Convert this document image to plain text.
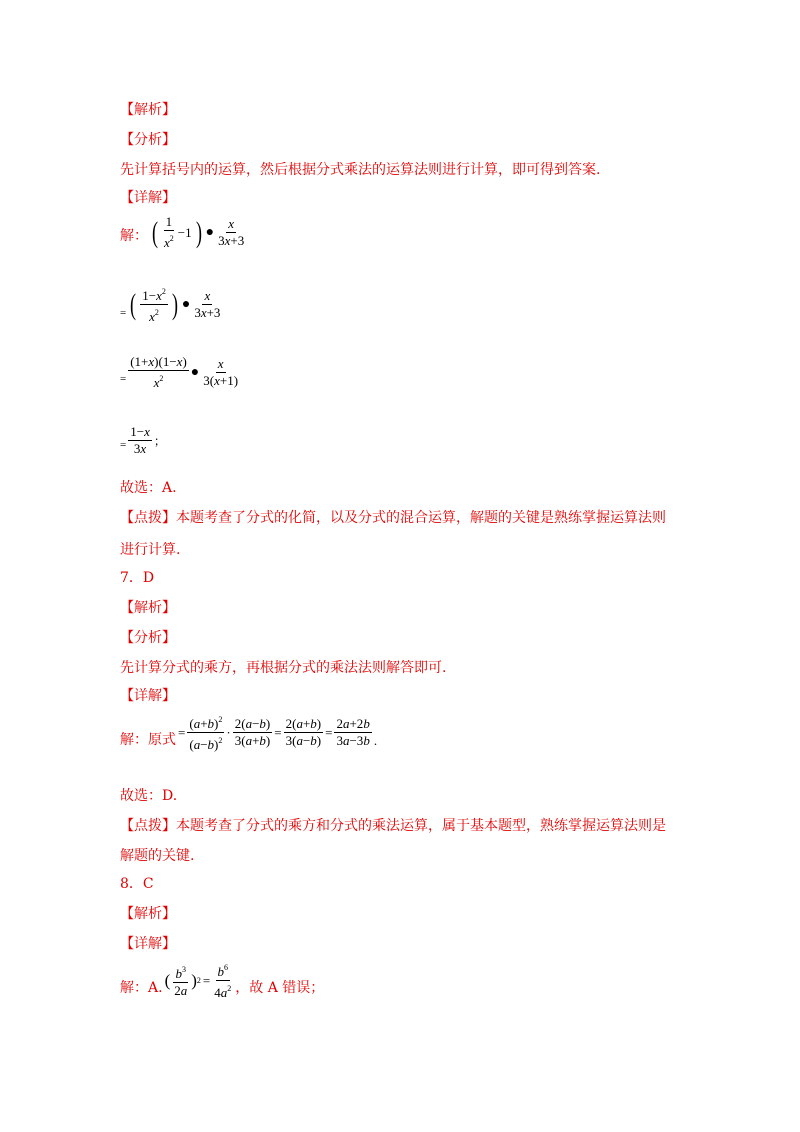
【解析】
【分析】
先计算括号内的运算，然后根据分式乘法的运算法则进行计算，即可得到答案.
【详解】
解： ( $\frac{1}{x^2} -1$ ) ● $\frac{x}{3x+3}$
= ( $\frac{1-x^2}{x^2}$ ) ● $\frac{x}{3x+3}$
= $\frac{(1+x)(1-x)}{x^2}$ ● $\frac{x}{3(x+1)}$
= $\frac{1-x}{3x}$ ；
故选：A.
【点拨】本题考查了分式的化简，以及分式的混合运算，解题的关键是熟练掌握运算法则
进行计算.
7．D
【解析】
【分析】
先计算分式的乘方，再根据分式的乘法法则解答即可.
【详解】
解：原式 = $\frac{(a+b)^2}{(a-b)^2} \cdot \frac{2(a-b)}{3(a+b)} = \frac{2(a+b)}{3(a-b)} = \frac{2a+2b}{3a-3b}$ .
故选：D.
【点拨】本题考查了分式的乘方和分式的乘法运算，属于基本题型，熟练掌握运算法则是
解题的关键.
8．C
【解析】
【详解】
解：A. ( $\frac{b^3}{2a}$ ) $2 = \frac{b^6}{4a^2}$ ，故 A 错误；
